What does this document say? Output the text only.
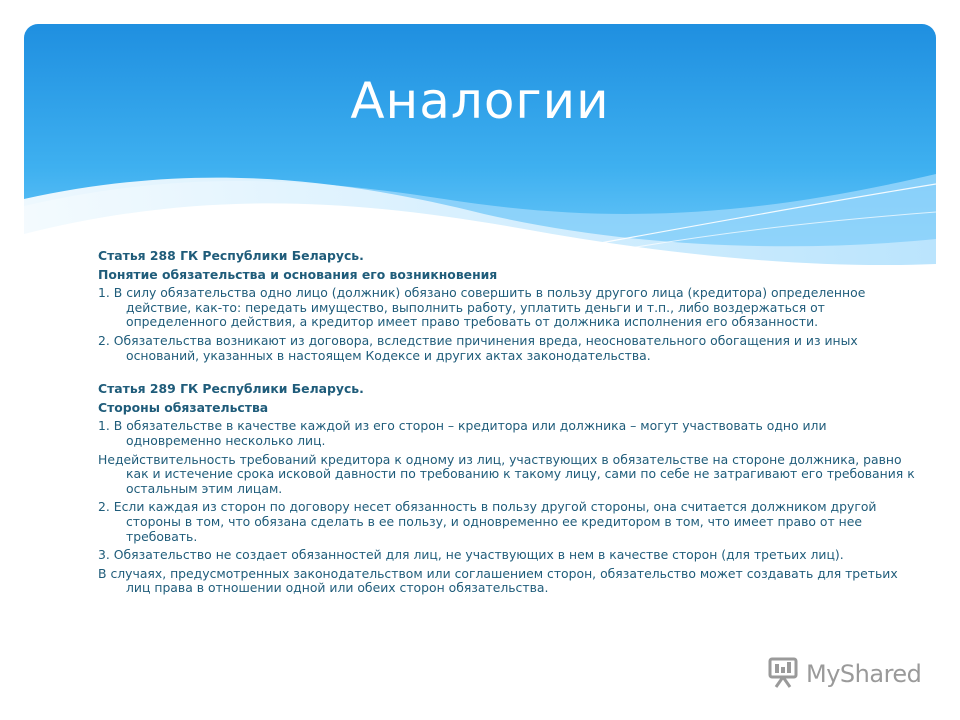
Аналогии

Статья 288 ГК Республики Беларусь.

Понятие обязательства и основания его возникновения

1. В силу обязательства одно лицо (должник) обязано совершить в пользу другого лица (кредитора) определенное действие, как-то: передать имущество, выполнить работу, уплатить деньги и т.п., либо воздержаться от определенного действия, а кредитор имеет право требовать от должника исполнения его обязанности.

2. Обязательства возникают из договора, вследствие причинения вреда, неосновательного обогащения и из иных оснований, указанных в настоящем Кодексе и других актах законодательства.

Статья 289 ГК Республики Беларусь.

Стороны обязательства

1. В обязательстве в качестве каждой из его сторон – кредитора или должника – могут участвовать одно или одновременно несколько лиц.

Недействительность требований кредитора к одному из лиц, участвующих в обязательстве на стороне должника, равно как и истечение срока исковой давности по требованию к такому лицу, сами по себе не затрагивают его требования к остальным этим лицам.

2. Если каждая из сторон по договору несет обязанность в пользу другой стороны, она считается должником другой стороны в том, что обязана сделать в ее пользу, и одновременно ее кредитором в том, что имеет право от нее требовать.

3. Обязательство не создает обязанностей для лиц, не участвующих в нем в качестве сторон (для третьих лиц).

В случаях, предусмотренных законодательством или соглашением сторон, обязательство может создавать для третьих лиц права в отношении одной или обеих сторон обязательства.

MyShared
